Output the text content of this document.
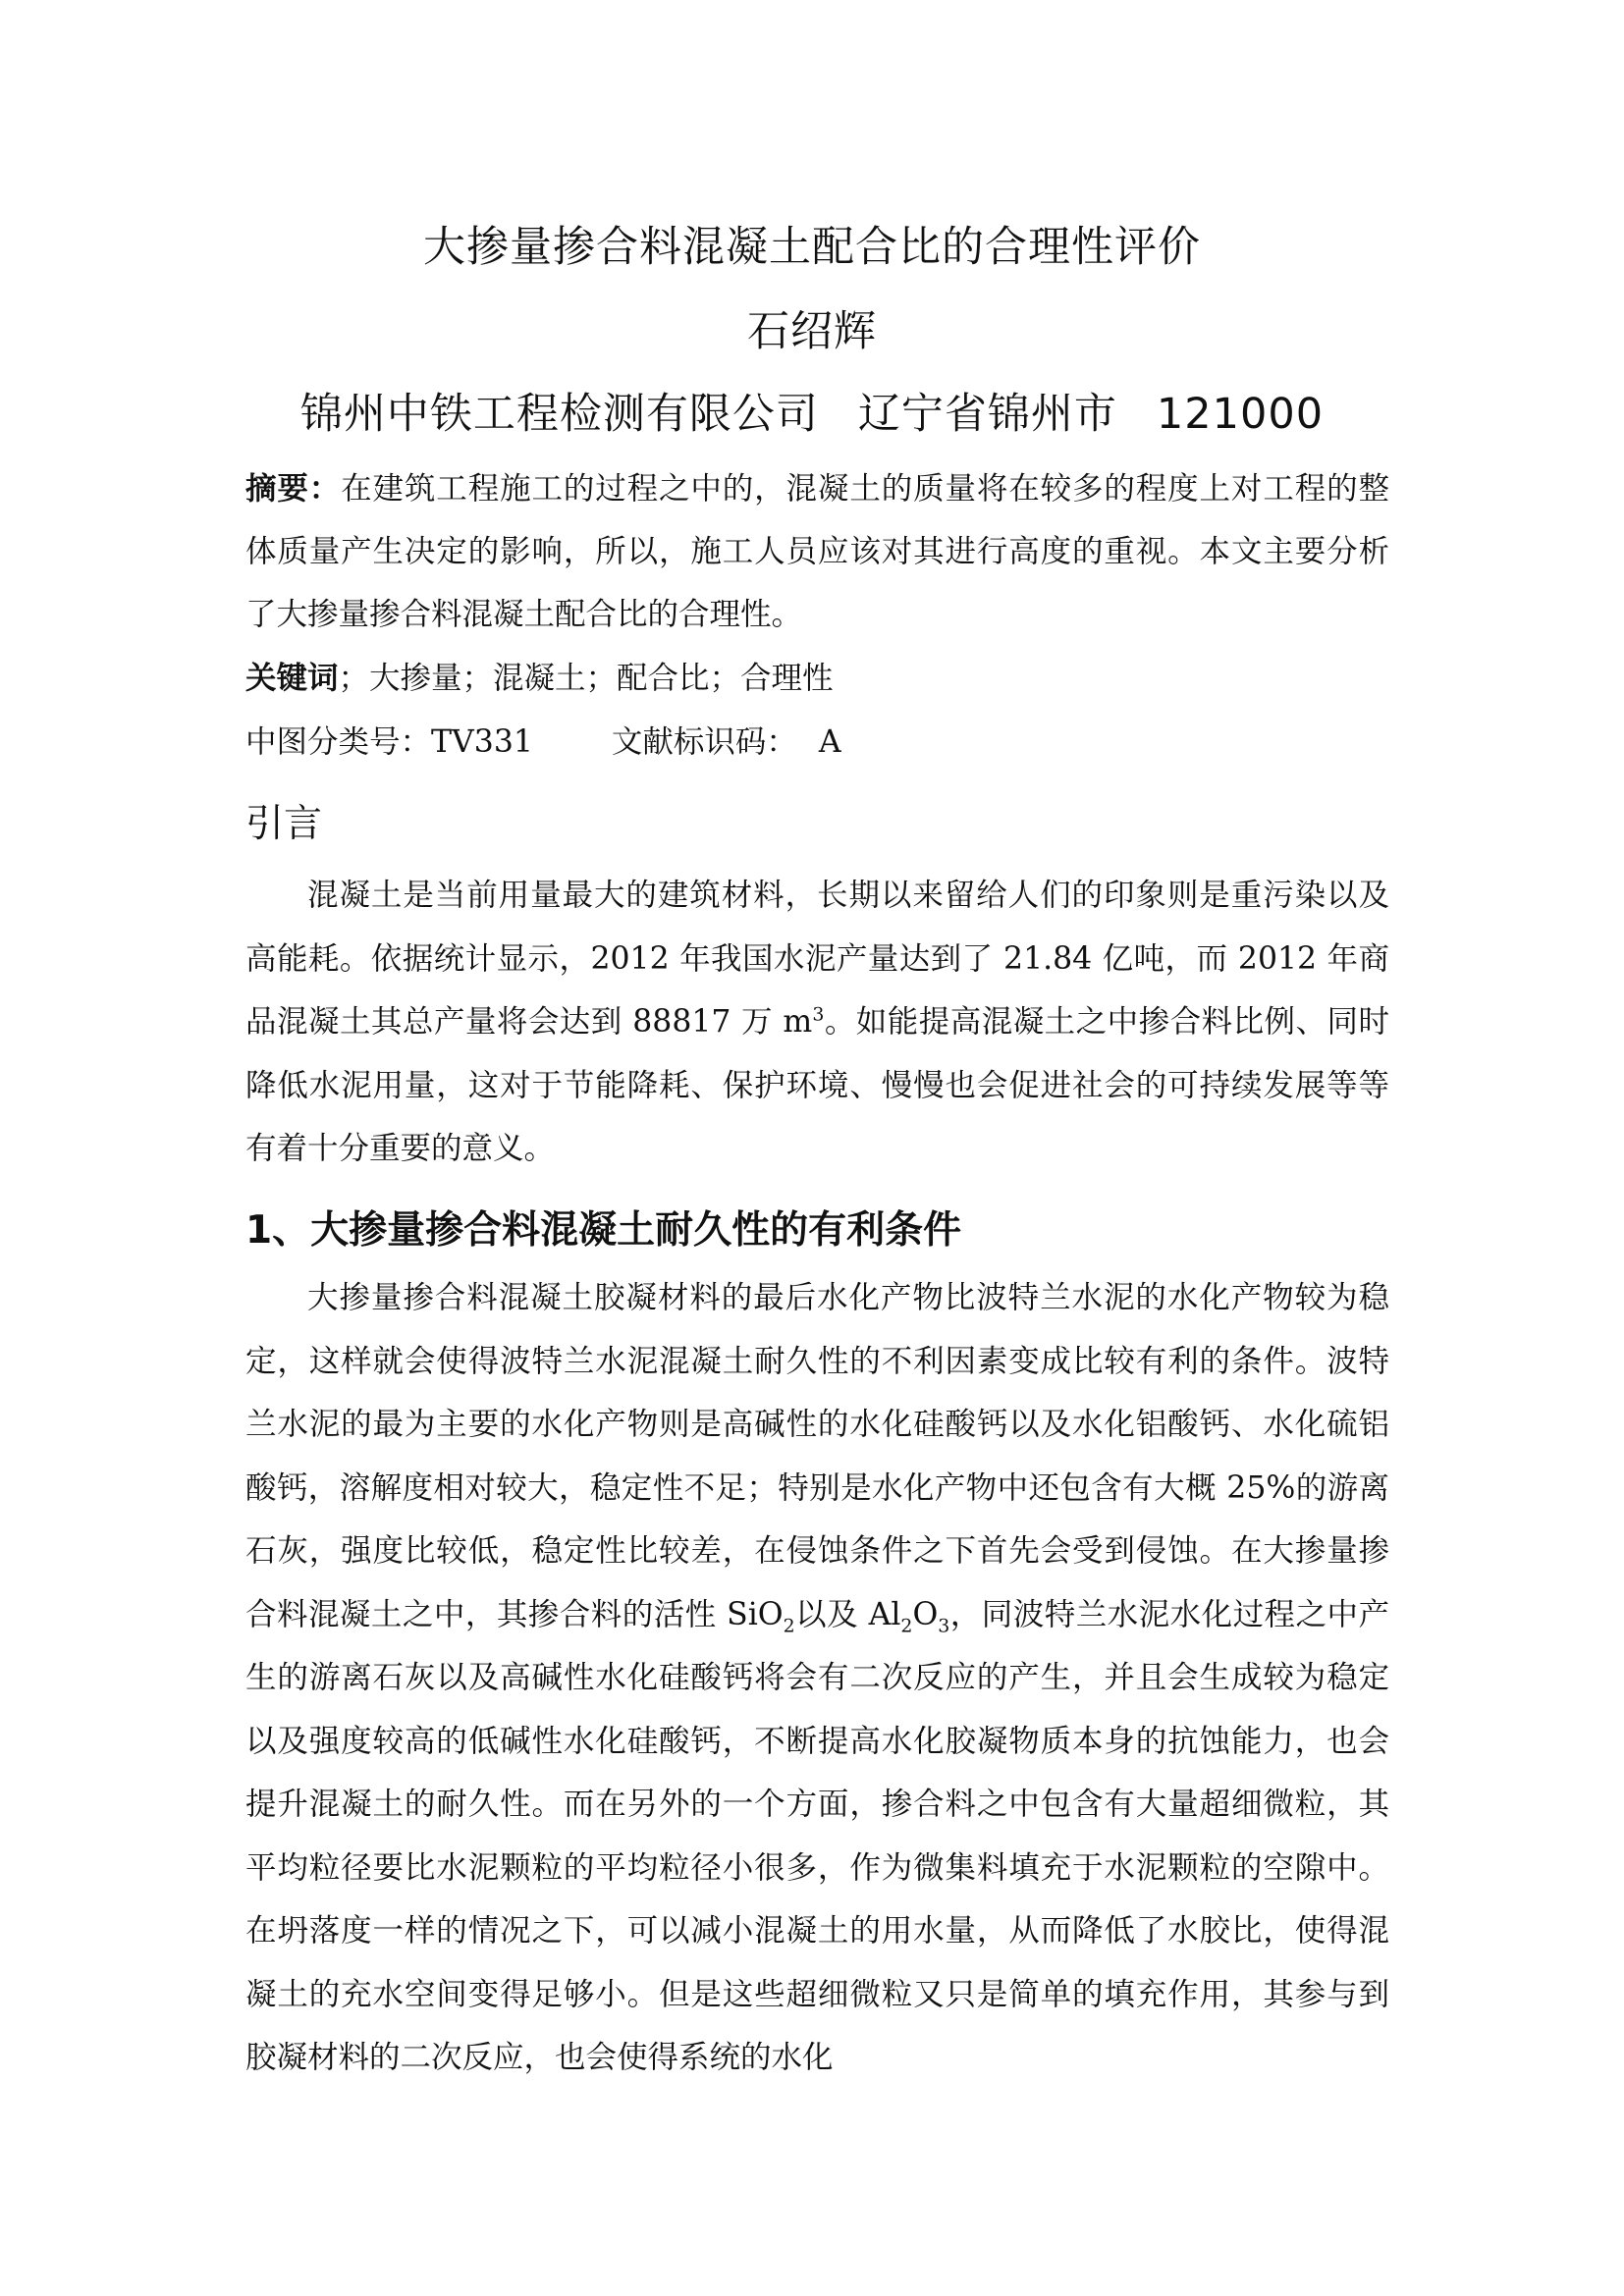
大掺量掺合料混凝土配合比的合理性评价
石绍辉
锦州中铁工程检测有限公司 辽宁省锦州市 121000
摘要：在建筑工程施工的过程之中的，混凝土的质量将在较多的程度上对工程的整体质量产生决定的影响，所以，施工人员应该对其进行高度的重视。本文主要分析了大掺量掺合料混凝土配合比的合理性。
关键词；大掺量；混凝土；配合比；合理性
中图分类号：TV331	文献标识码： A
引言
混凝土是当前用量最大的建筑材料，长期以来留给人们的印象则是重污染以及高能耗。依据统计显示，2012 年我国水泥产量达到了 21.84 亿吨，而 2012 年商品混凝土其总产量将会达到 88817 万 $m^3$。如能提高混凝土之中掺合料比例、同时降低水泥用量，这对于节能降耗、保护环境、慢慢也会促进社会的可持续发展等等有着十分重要的意义。
1、大掺量掺合料混凝土耐久性的有利条件
大掺量掺合料混凝土胶凝材料的最后水化产物比波特兰水泥的水化产物较为稳定，这样就会使得波特兰水泥混凝土耐久性的不利因素变成比较有利的条件。波特兰水泥的最为主要的水化产物则是高碱性的水化硅酸钙以及水化铝酸钙、水化硫铝酸钙，溶解度相对较大，稳定性不足；特别是水化产物中还包含有大概 25%的游离石灰，强度比较低，稳定性比较差，在侵蚀条件之下首先会受到侵蚀。在大掺量掺合料混凝土之中，其掺合料的活性 SiO$_2$以及 $Al_2O_3$，同波特兰水泥水化过程之中产生的游离石灰以及高碱性水化硅酸钙将会有二次反应的产生，并且会生成较为稳定以及强度较高的低碱性水化硅酸钙，不断提高水化胶凝物质本身的抗蚀能力，也会提升混凝土的耐久性。而在另外的一个方面，掺合料之中包含有大量超细微粒，其平均粒径要比水泥颗粒的平均粒径小很多，作为微集料填充于水泥颗粒的空隙中。在坍落度一样的情况之下，可以减小混凝土的用水量，从而降低了水胶比，使得混凝土的充水空间变得足够小。但是这些超细微粒又只是简单的填充作用，其参与到胶凝材料的二次反应，也会使得系统的水化
